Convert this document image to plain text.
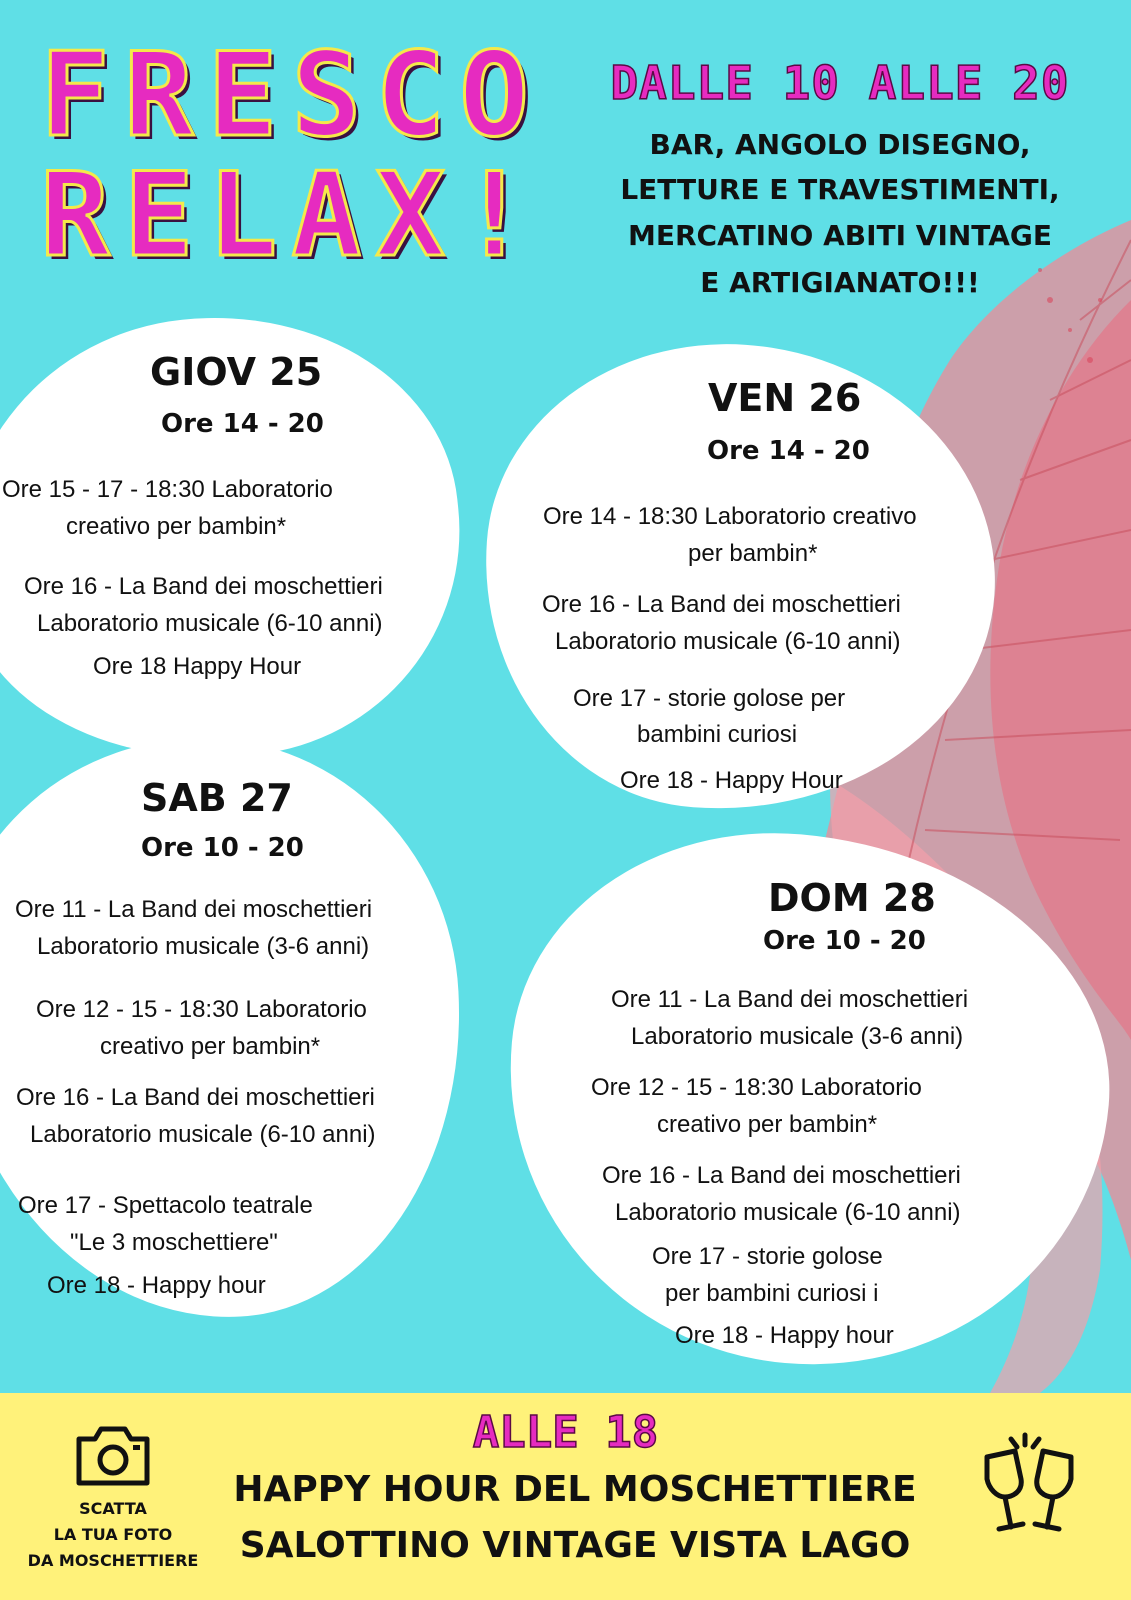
FRESCO
RELAX!
DALLE 10 ALLE 20
BAR, ANGOLO DISEGNO,
LETTURE E TRAVESTIMENTI,
MERCATINO ABITI VINTAGE
E ARTIGIANATO!!!
GIOV 25
Ore 14 - 20
Ore 15 - 17 - 18:30 Laboratorio
creativo per bambin*
Ore 16 - La Band dei moschettieri
Laboratorio musicale (6-10 anni)
Ore 18 Happy Hour
VEN 26
Ore 14 - 20
Ore 14 - 18:30 Laboratorio creativo
per bambin*
Ore 16 - La Band dei moschettieri
Laboratorio musicale (6-10 anni)
Ore 17 - storie golose per
bambini curiosi
Ore 18 - Happy Hour
SAB 27
Ore 10 - 20
Ore 11 - La Band dei moschettieri
Laboratorio musicale (3-6 anni)
Ore 12 - 15 - 18:30 Laboratorio
creativo per bambin*
Ore 16 - La Band dei moschettieri
Laboratorio musicale (6-10 anni)
Ore 17 - Spettacolo teatrale
"Le 3 moschettiere"
Ore 18 - Happy hour
DOM 28
Ore 10 - 20
Ore 11 - La Band dei moschettieri
Laboratorio musicale (3-6 anni)
Ore 12 - 15 - 18:30 Laboratorio
creativo per bambin*
Ore 16 - La Band dei moschettieri
Laboratorio musicale (6-10 anni)
Ore 17 - storie golose
per bambini curiosi i
Ore 18 - Happy hour
ALLE 18
HAPPY HOUR DEL MOSCHETTIERE
SALOTTINO VINTAGE VISTA LAGO
SCATTA
LA TUA FOTO
DA MOSCHETTIERE
